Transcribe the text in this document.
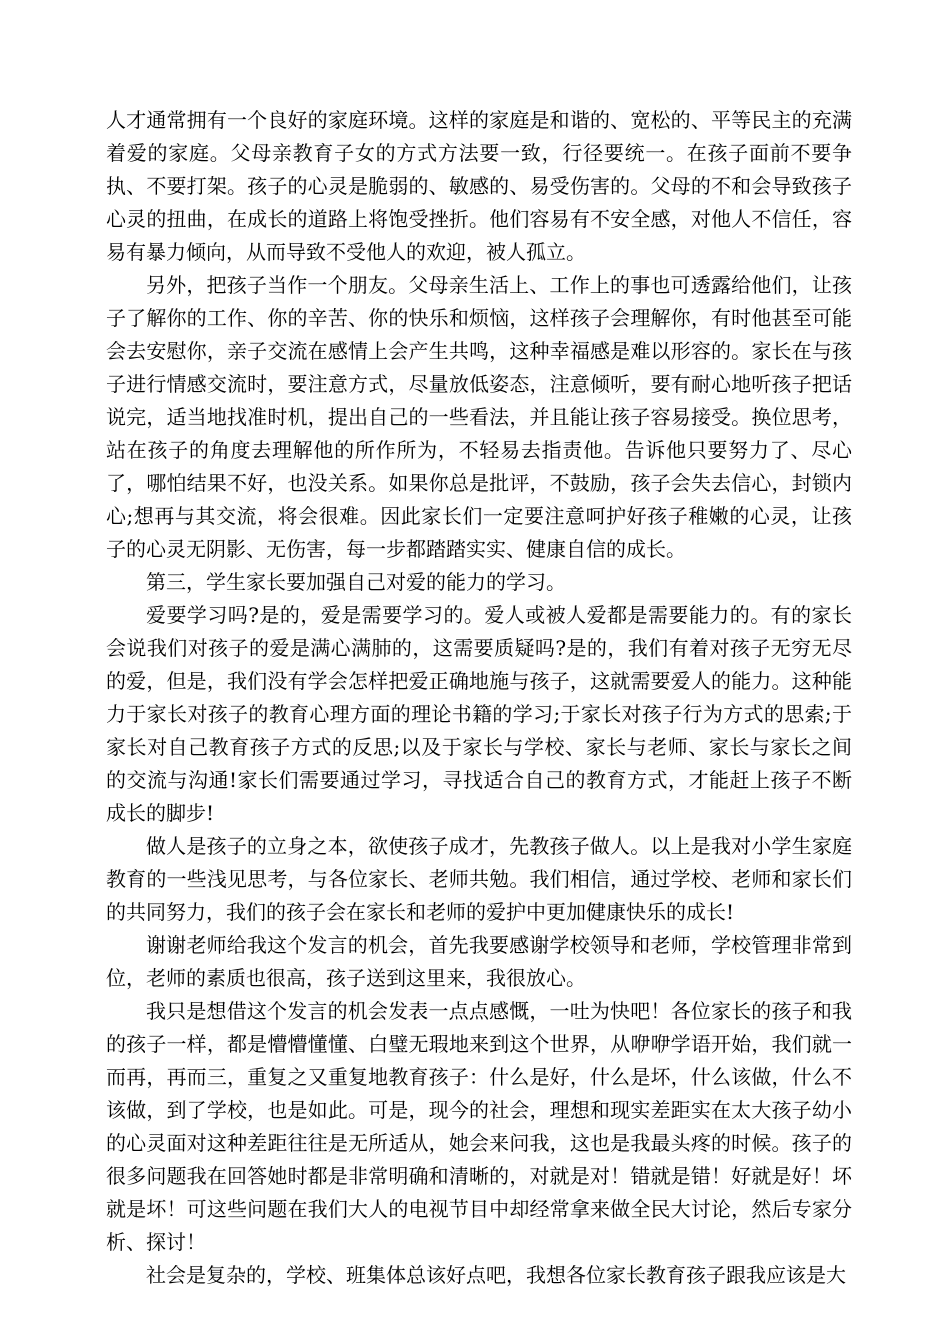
人才通常拥有一个良好的家庭环境。这样的家庭是和谐的、宽松的、平等民主的充满着爱的家庭。父母亲教育子女的方式方法要一致，行径要统一。在孩子面前不要争执、不要打架。孩子的心灵是脆弱的、敏感的、易受伤害的。父母的不和会导致孩子心灵的扭曲，在成长的道路上将饱受挫折。他们容易有不安全感，对他人不信任，容易有暴力倾向，从而导致不受他人的欢迎，被人孤立。

另外，把孩子当作一个朋友。父母亲生活上、工作上的事也可透露给他们，让孩子了解你的工作、你的辛苦、你的快乐和烦恼，这样孩子会理解你，有时他甚至可能会去安慰你，亲子交流在感情上会产生共鸣，这种幸福感是难以形容的。家长在与孩子进行情感交流时，要注意方式，尽量放低姿态，注意倾听，要有耐心地听孩子把话说完，适当地找准时机，提出自己的一些看法，并且能让孩子容易接受。换位思考，站在孩子的角度去理解他的所作所为，不轻易去指责他。告诉他只要努力了、尽心了，哪怕结果不好，也没关系。如果你总是批评，不鼓励，孩子会失去信心，封锁内心;想再与其交流，将会很难。因此家长们一定要注意呵护好孩子稚嫩的心灵，让孩子的心灵无阴影、无伤害，每一步都踏踏实实、健康自信的成长。

第三，学生家长要加强自己对爱的能力的学习。

爱要学习吗?是的，爱是需要学习的。爱人或被人爱都是需要能力的。有的家长会说我们对孩子的爱是满心满肺的，这需要质疑吗?是的，我们有着对孩子无穷无尽的爱，但是，我们没有学会怎样把爱正确地施与孩子，这就需要爱人的能力。这种能力于家长对孩子的教育心理方面的理论书籍的学习;于家长对孩子行为方式的思索;于家长对自己教育孩子方式的反思;以及于家长与学校、家长与老师、家长与家长之间的交流与沟通!家长们需要通过学习，寻找适合自己的教育方式，才能赶上孩子不断成长的脚步!

做人是孩子的立身之本，欲使孩子成才，先教孩子做人。以上是我对小学生家庭教育的一些浅见思考，与各位家长、老师共勉。我们相信，通过学校、老师和家长们的共同努力，我们的孩子会在家长和老师的爱护中更加健康快乐的成长!

谢谢老师给我这个发言的机会，首先我要感谢学校领导和老师，学校管理非常到位，老师的素质也很高，孩子送到这里来，我很放心。

我只是想借这个发言的机会发表一点点感慨，一吐为快吧！各位家长的孩子和我的孩子一样，都是懵懵懂懂、白璧无瑕地来到这个世界，从咿咿学语开始，我们就一而再，再而三，重复之又重复地教育孩子：什么是好，什么是坏，什么该做，什么不该做，到了学校，也是如此。可是，现今的社会，理想和现实差距实在太大孩子幼小的心灵面对这种差距往往是无所适从，她会来问我，这也是我最头疼的时候。孩子的很多问题我在回答她时都是非常明确和清晰的，对就是对！错就是错！好就是好！坏就是坏！可这些问题在我们大人的电视节目中却经常拿来做全民大讨论，然后专家分析、探讨！

社会是复杂的，学校、班集体总该好点吧，我想各位家长教育孩子跟我应该是大
